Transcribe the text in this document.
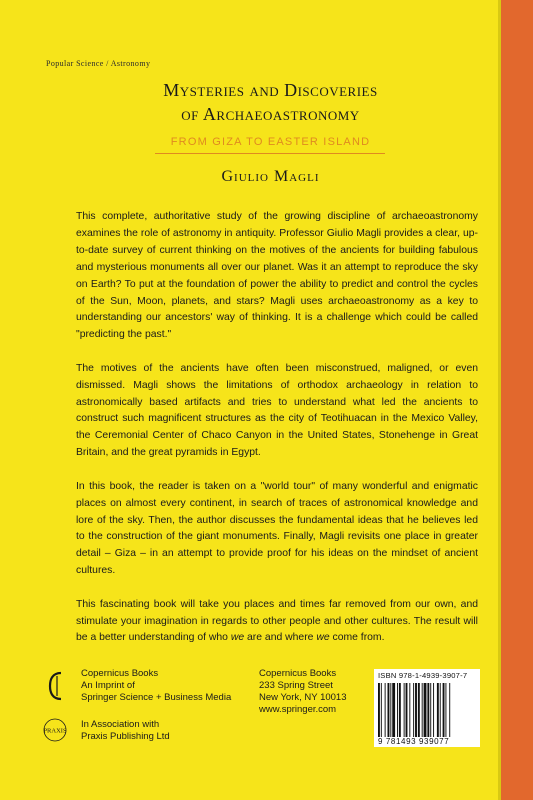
Popular Science / Astronomy
Mysteries and Discoveries
of Archaeoastronomy
FROM GIZA TO EASTER ISLAND
Giulio Magli

This complete, authoritative study of the growing discipline of archaeoastronomy examines the role of astronomy in antiquity. Professor Giulio Magli provides a clear, up-to-date survey of current thinking on the motives of the ancients for building fabulous and mysterious monuments all over our planet. Was it an attempt to reproduce the sky on Earth? To put at the foundation of power the ability to predict and control the cycles of the Sun, Moon, planets, and stars? Magli uses archaeoastronomy as a key to understanding our ancestors' way of thinking. It is a challenge which could be called "predicting the past."

The motives of the ancients have often been misconstrued, maligned, or even dismissed. Magli shows the limitations of orthodox archaeology in relation to astronomically based artifacts and tries to understand what led the ancients to construct such magnificent structures as the city of Teotihuacan in the Mexico Valley, the Ceremonial Center of Chaco Canyon in the United States, Stonehenge in Great Britain, and the great pyramids in Egypt.

In this book, the reader is taken on a "world tour" of many wonderful and enigmatic places on almost every continent, in search of traces of astronomical knowledge and lore of the sky. Then, the author discusses the fundamental ideas that he believes led to the construction of the giant monuments. Finally, Magli revisits one place in greater detail – Giza – in an attempt to provide proof for his ideas on the mindset of ancient cultures.

This fascinating book will take you places and times far removed from our own, and stimulate your imagination in regards to other people and other cultures. The result will be a better understanding of who we are and where we come from.

PRAXIS
Copernicus Books
An Imprint of
Springer Science + Business Media
In Association with
Praxis Publishing Ltd
Copernicus Books
233 Spring Street
New York, NY 10013
www.springer.com
ISBN 978-1-4939-3907-7
9 781493 939077
